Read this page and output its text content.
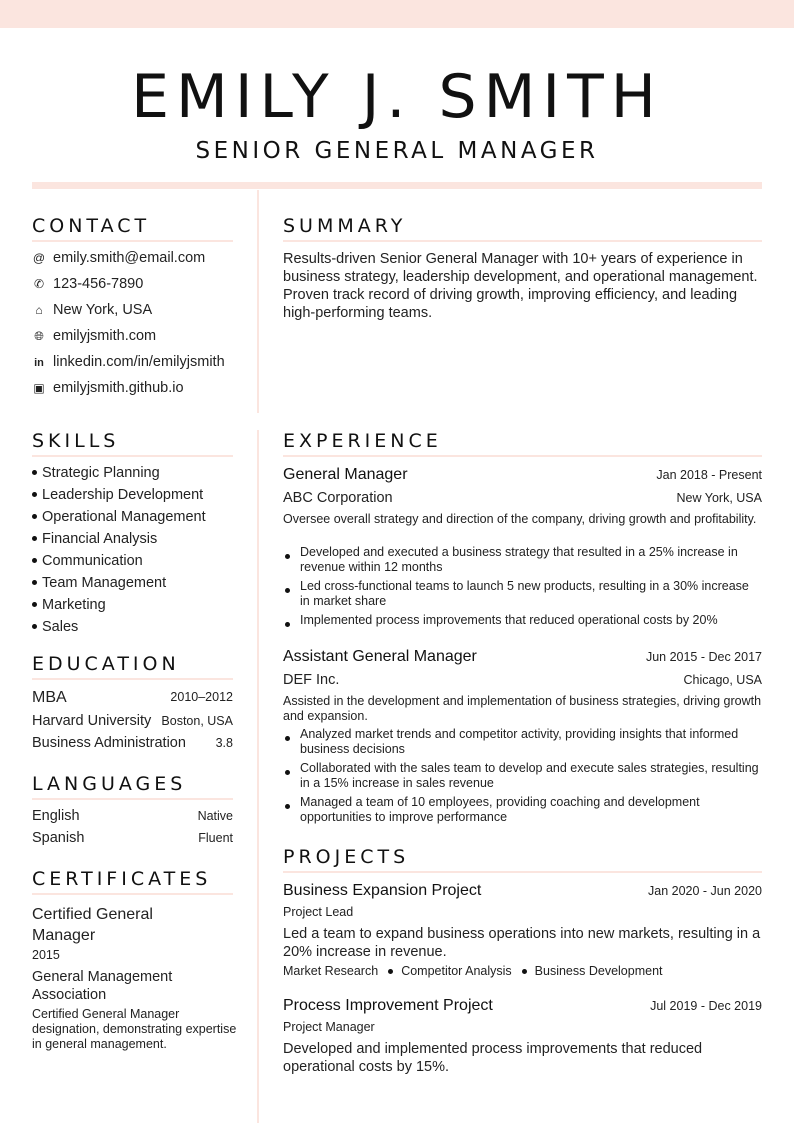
EMILY J. SMITH
SENIOR GENERAL MANAGER
CONTACT
@ emily.smith@email.com
✆ 123-456-7890
⌂ New York, USA
🌐︎ emilyjsmith.com
in linkedin.com/in/emilyjsmith
▣ emilyjsmith.github.io
SUMMARY
Results-driven Senior General Manager with 10+ years of experience in business strategy, leadership development, and operational management. Proven track record of driving growth, improving efficiency, and leading high-performing teams.
SKILLS
Strategic Planning
Leadership Development
Operational Management
Financial Analysis
Communication
Team Management
Marketing
Sales
EDUCATION
MBA	2010–2012
Harvard University Boston, USA
Business Administration 3.8
LANGUAGES
English	Native
Spanish	Fluent
CERTIFICATES
Certified General Manager
2015
General Management Association
Certified General Manager designation, demonstrating expertise in general management.
EXPERIENCE
General Manager	Jan 2018 - Present
ABC Corporation	New York, USA
Oversee overall strategy and direction of the company, driving growth and profitability.
Developed and executed a business strategy that resulted in a 25% increase in revenue within 12 months
Led cross-functional teams to launch 5 new products, resulting in a 30% increase in market share
Implemented process improvements that reduced operational costs by 20%
Assistant General Manager	Jun 2015 - Dec 2017
DEF Inc.	Chicago, USA
Assisted in the development and implementation of business strategies, driving growth and expansion.
Analyzed market trends and competitor activity, providing insights that informed business decisions
Collaborated with the sales team to develop and execute sales strategies, resulting in a 15% increase in sales revenue
Managed a team of 10 employees, providing coaching and development opportunities to improve performance
PROJECTS
Business Expansion Project	Jan 2020 - Jun 2020
Project Lead
Led a team to expand business operations into new markets, resulting in a 20% increase in revenue.
Market Research Competitor Analysis Business Development
Process Improvement Project	Jul 2019 - Dec 2019
Project Manager
Developed and implemented process improvements that reduced operational costs by 15%.
